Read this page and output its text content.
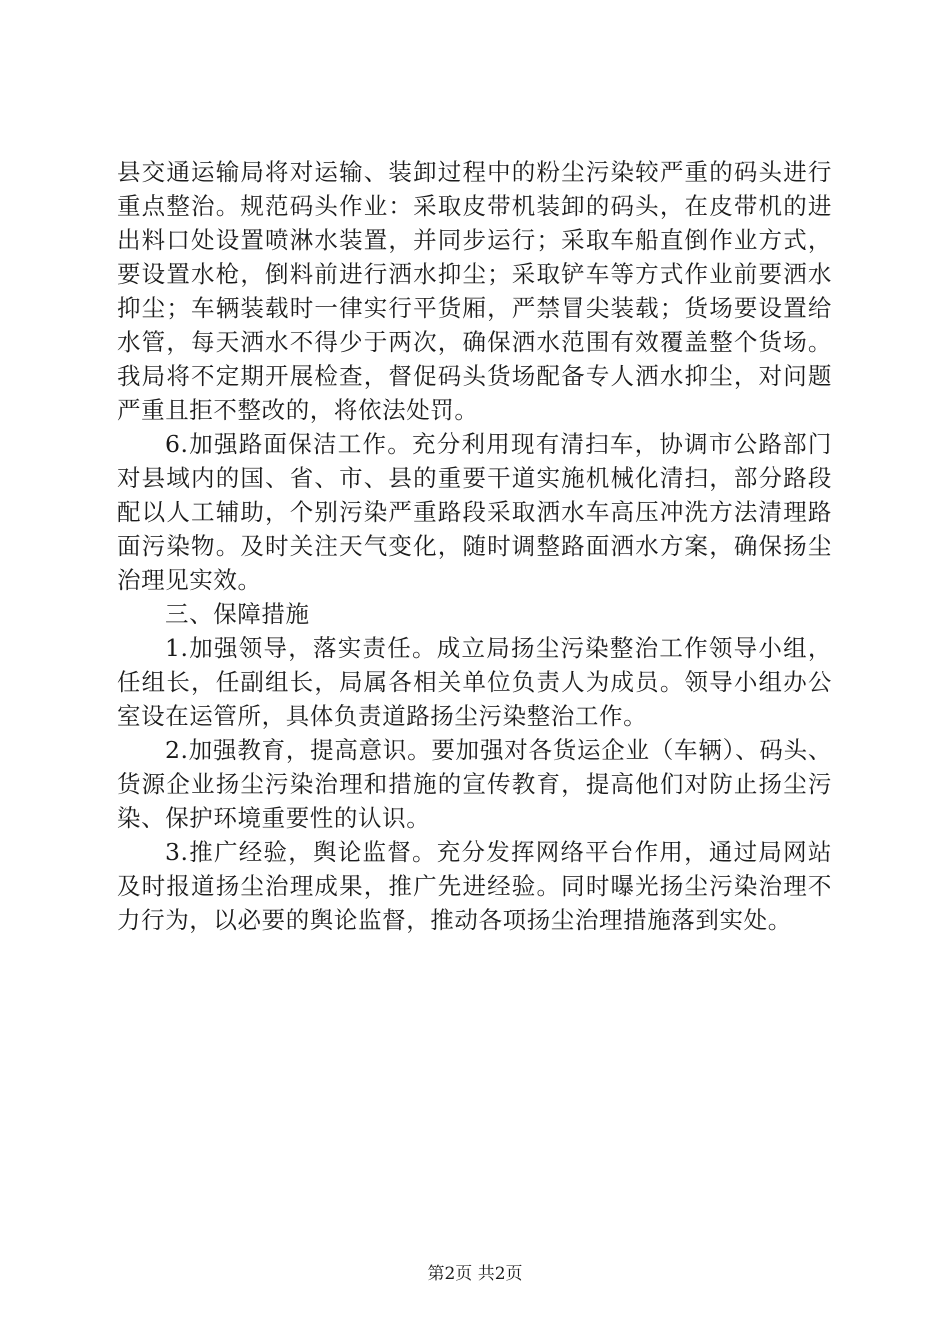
县交通运输局将对运输、装卸过程中的粉尘污染较严重的码头进行重点整治。规范码头作业：采取皮带机装卸的码头，在皮带机的进出料口处设置喷淋水装置，并同步运行；采取车船直倒作业方式，要设置水枪，倒料前进行洒水抑尘；采取铲车等方式作业前要洒水抑尘；车辆装载时一律实行平货厢，严禁冒尖装载；货场要设置给水管，每天洒水不得少于两次，确保洒水范围有效覆盖整个货场。我局将不定期开展检查，督促码头货场配备专人洒水抑尘，对问题严重且拒不整改的，将依法处罚。

6.加强路面保洁工作。充分利用现有清扫车，协调市公路部门对县域内的国、省、市、县的重要干道实施机械化清扫，部分路段配以人工辅助，个别污染严重路段采取洒水车高压冲洗方法清理路面污染物。及时关注天气变化，随时调整路面洒水方案，确保扬尘治理见实效。

三、保障措施

1.加强领导，落实责任。成立局扬尘污染整治工作领导小组，任组长，任副组长，局属各相关单位负责人为成员。领导小组办公室设在运管所，具体负责道路扬尘污染整治工作。

2.加强教育，提高意识。要加强对各货运企业（车辆）、码头、货源企业扬尘污染治理和措施的宣传教育，提高他们对防止扬尘污染、保护环境重要性的认识。

3.推广经验，舆论监督。充分发挥网络平台作用，通过局网站及时报道扬尘治理成果，推广先进经验。同时曝光扬尘污染治理不力行为，以必要的舆论监督，推动各项扬尘治理措施落到实处。

第2页 共2页
